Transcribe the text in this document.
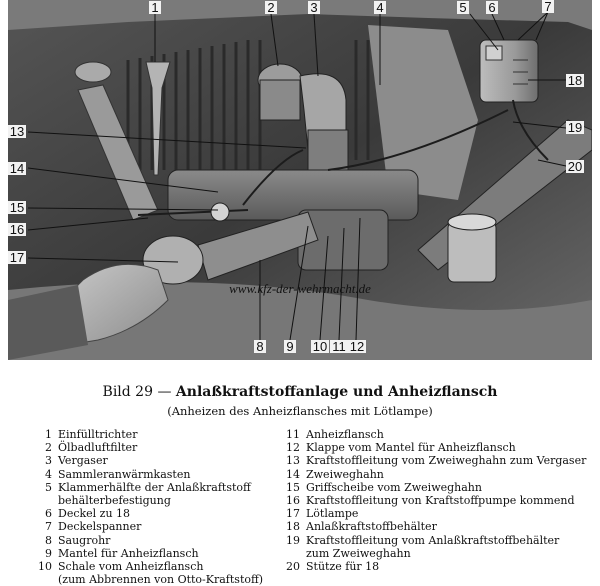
1	2	3	4	5 6	7
18
19
20
13
14
15
16
17
8 9 10 11 12
www.kfz-der-wehrmacht.de
Bild 29 — Anlaßkraftstoffanlage und Anheizflansch
(Anheizen des Anheizflansches mit Lötlampe)
1 Einfülltrichter
2 Ölbadluftfilter
3 Vergaser
4 Sammleranwärmkasten
5 Klammerhälfte der Anlaßkraftstoff
behälterbefestigung
6 Deckel zu 18
7 Deckelspanner
8 Saugrohr
9 Mantel für Anheizflansch
10 Schale vom Anheizflansch
(zum Abbrennen von Otto-Kraftstoff)
11 Anheizflansch
12 Klappe vom Mantel für Anheizflansch
13 Kraftstoffleitung vom Zweiweghahn zum Vergaser
14 Zweiweghahn
15 Griffscheibe vom Zweiweghahn
16 Kraftstoffleitung von Kraftstoffpumpe kommend
17 Lötlampe
18 Anlaßkraftstoffbehälter
19 Kraftstoffleitung vom Anlaßkraftstoffbehälter
zum Zweiweghahn
20 Stütze für 18
